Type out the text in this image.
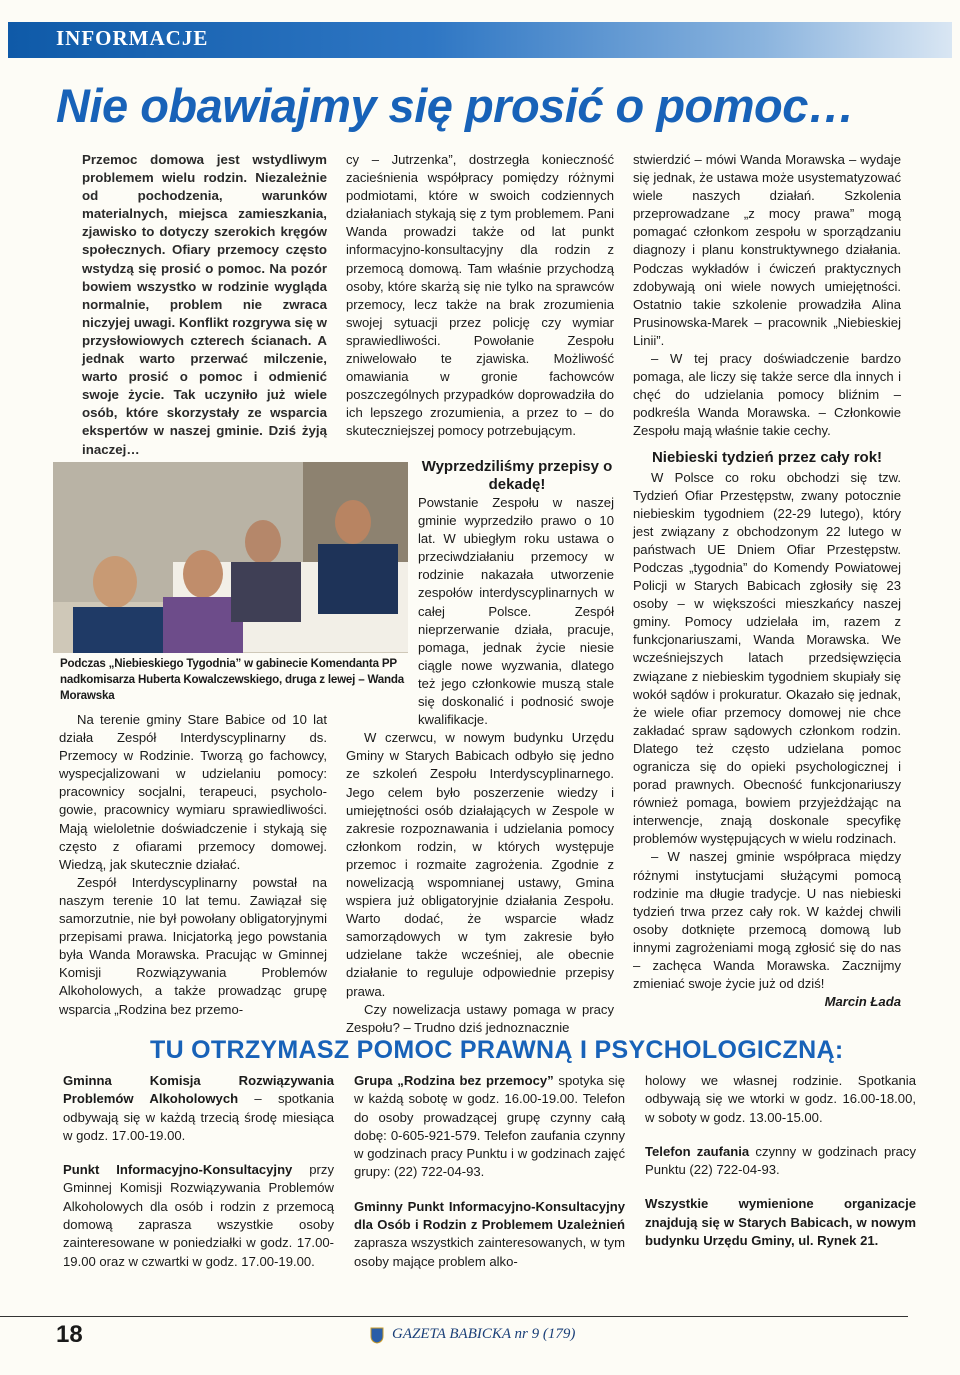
INFORMACJE
Nie obawiajmy się prosić o pomoc…

Przemoc domowa jest wstydliwym problemem wielu rodzin. Niezależnie od pochodzenia, warunków materialnych, miejsca zamieszkania, zjawisko to dotyczy szerokich kręgów społecznych. Ofiary przemocy często wstydzą się prosić o pomoc. Na pozór bowiem wszystko w rodzinie wygląda normalnie, problem nie zwraca niczyjej uwagi. Konflikt rozgrywa się w przysłowiowych czterech ścianach. A jednak warto przerwać milczenie, warto prosić o pomoc i odmienić swoje życie. Tak uczyniło już wiele osób, które skorzystały ze wsparcia ekspertów w naszej gminie. Dziś żyją inaczej…

Podczas „Niebieskiego Tygodnia” w gabinecie Komendanta PP nadkomisarza Huberta Kowalczewskiego, druga z lewej – Wanda Morawska

Na terenie gminy Stare Babice od 10 lat działa Zespół Interdyscyplinarny ds. Przemocy w Rodzinie. Tworzą go fachowcy, wyspecjalizowani w udzielaniu pomocy: pracownicy socjalni, terapeuci, psychologowie, pracownicy wymiaru sprawiedliwości. Mają wieloletnie doświadczenie i stykają się często z ofiarami przemocy domowej. Wiedzą, jak skutecznie działać.

Zespół Interdyscyplinarny powstał na naszym terenie 10 lat temu. Zawiązał się samorzutnie, nie był powołany obligatoryjnymi przepisami prawa. Inicjatorką jego powstania była Wanda Morawska. Pracując w Gminnej Komisji Rozwiązywania Problemów Alkoholowych, a także prowadząc grupę wsparcia „Rodzina bez przemo-

cy – Jutrzenka”, dostrzegła konieczność zacieśnienia współpracy pomiędzy różnymi podmiotami, które w swoich codziennych działaniach stykają się z tym problemem. Pani Wanda prowadzi także od lat punkt informacyjno-konsultacyjny dla rodzin z przemocą domową. Tam właśnie przychodzą osoby, które skarżą się nie tylko na sprawców przemocy, lecz także na brak zrozumienia swojej sytuacji przez policję czy wymiar sprawiedliwości. Powołanie Zespołu zniwelowało te zjawiska. Możliwość omawiania w gronie fachowców poszczególnych przypadków doprowadziła do ich lepszego zrozumienia, a przez to – do skuteczniejszej pomocy potrzebującym.

Wyprzedziliśmy przepisy o dekadę!

Powstanie Zespołu w naszej gminie wyprzedziło prawo o 10 lat. W ubiegłym roku ustawa o przeciwdziałaniu przemocy w rodzinie nakazała utworzenie zespołów interdyscyplinarnych w całej Polsce. Zespół nieprzerwanie działa, pracuje, pomaga, jednak życie niesie ciągle nowe wyzwania, dlatego też jego członkowie muszą stale się doskonalić i podnosić swoje kwalifikacje.

W czerwcu, w nowym budynku Urzędu Gminy w Starych Babicach odbyło się jedno ze szkoleń Zespołu Interdyscyplinarnego. Jego celem było poszerzenie wiedzy i umiejętności osób działających w Zespole w zakresie rozpoznawania i udzielania pomocy członkom rodzin, w których występuje przemoc i rozmaite zagrożenia. Zgodnie z nowelizacją wspomnianej ustawy, Gmina wspiera już obligatoryjnie działania Zespołu. Warto dodać, że wsparcie władz samorządowych w tym zakresie było udzielane także wcześniej, ale obecnie działanie to reguluje odpowiednie przepisy prawa.

Czy nowelizacja ustawy pomaga w pracy Zespołu? – Trudno dziś jednoznacznie

stwierdzić – mówi Wanda Morawska – wydaje się jednak, że ustawa może usystematyzować wiele naszych działań. Szkolenia przeprowadzane „z mocy prawa” mogą pomagać członkom zespołu w sporządzaniu diagnozy i planu konstruktywnego działania. Podczas wykładów i ćwiczeń praktycznych zdobywają oni wiele nowych umiejętności. Ostatnio takie szkolenie prowadziła Alina Prusinowska-Marek – pracownik „Niebieskiej Linii”.

– W tej pracy doświadczenie bardzo pomaga, ale liczy się także serce dla innych i chęć do udzielania pomocy bliźnim – podkreśla Wanda Morawska. – Członkowie Zespołu mają właśnie takie cechy.

Niebieski tydzień przez cały rok!

W Polsce co roku obchodzi się tzw. Tydzień Ofiar Przestępstw, zwany potocznie niebieskim tygodniem (22-29 lutego), który jest związany z obchodzonym 22 lutego w państwach UE Dniem Ofiar Przestępstw. Podczas „tygodnia” do Komendy Powiatowej Policji w Starych Babicach zgłosiły się 23 osoby – w większości mieszkańcy naszej gminy. Pomocy udzielała im, razem z funkcjonariuszami, Wanda Morawska. We wcześniejszych latach przedsięwzięcia związane z niebieskim tygodniem skupiały się wokół sądów i prokuratur. Okazało się jednak, że wiele ofiar przemocy domowej nie chce zakładać spraw sądowych członkom rodzin. Dlatego też często udzielana pomoc ogranicza się do opieki psychologicznej i porad prawnych. Obecność funkcjonariuszy również pomaga, bowiem przyjeżdżając na interwencje, znają doskonale specyfikę problemów występujących w wielu rodzinach.

– W naszej gminie współpraca między różnymi instytucjami służącymi pomocą rodzinie ma długie tradycje. U nas niebieski tydzień trwa przez cały rok. W każdej chwili osoby dotknięte przemocą domową lub innymi zagrożeniami mogą zgłosić się do nas – zachęca Wanda Morawska. Zacznijmy zmieniać swoje życie już od dziś!

Marcin Łada

TU OTRZYMASZ POMOC PRAWNĄ I PSYCHOLOGICZNĄ:

Gminna Komisja Rozwiązywania Problemów Alkoholowych – spotkania odbywają się w każdą trzecią środę miesiąca w godz. 17.00-19.00.

Punkt Informacyjno-Konsultacyjny przy Gminnej Komisji Rozwiązywania Problemów Alkoholowych dla osób i rodzin z przemocą domową zaprasza wszystkie osoby zainteresowane w poniedziałki w godz. 17.00-19.00 oraz w czwartki w godz. 17.00-19.00.

Grupa „Rodzina bez przemocy” spotyka się w każdą sobotę w godz. 16.00-19.00. Telefon do osoby prowadzącej grupę czynny całą dobę: 0-605-921-579. Telefon zaufania czynny w godzinach pracy Punktu i w godzinach zajęć grupy: (22) 722-04-93.

Gminny Punkt Informacyjno-Konsultacyjny dla Osób i Rodzin z Problemem Uzależnień zaprasza wszystkich zainteresowanych, w tym osoby mające problem alko-

holowy we własnej rodzinie. Spotkania odbywają się we wtorki w godz. 16.00-18.00, w soboty w godz. 13.00-15.00.

Telefon zaufania czynny w godzinach pracy Punktu (22) 722-04-93.

Wszystkie wymienione organizacje znajdują się w Starych Babicach, w nowym budynku Urzędu Gminy, ul. Rynek 21.

18	GAZETA BABICKA nr 9 (179)
